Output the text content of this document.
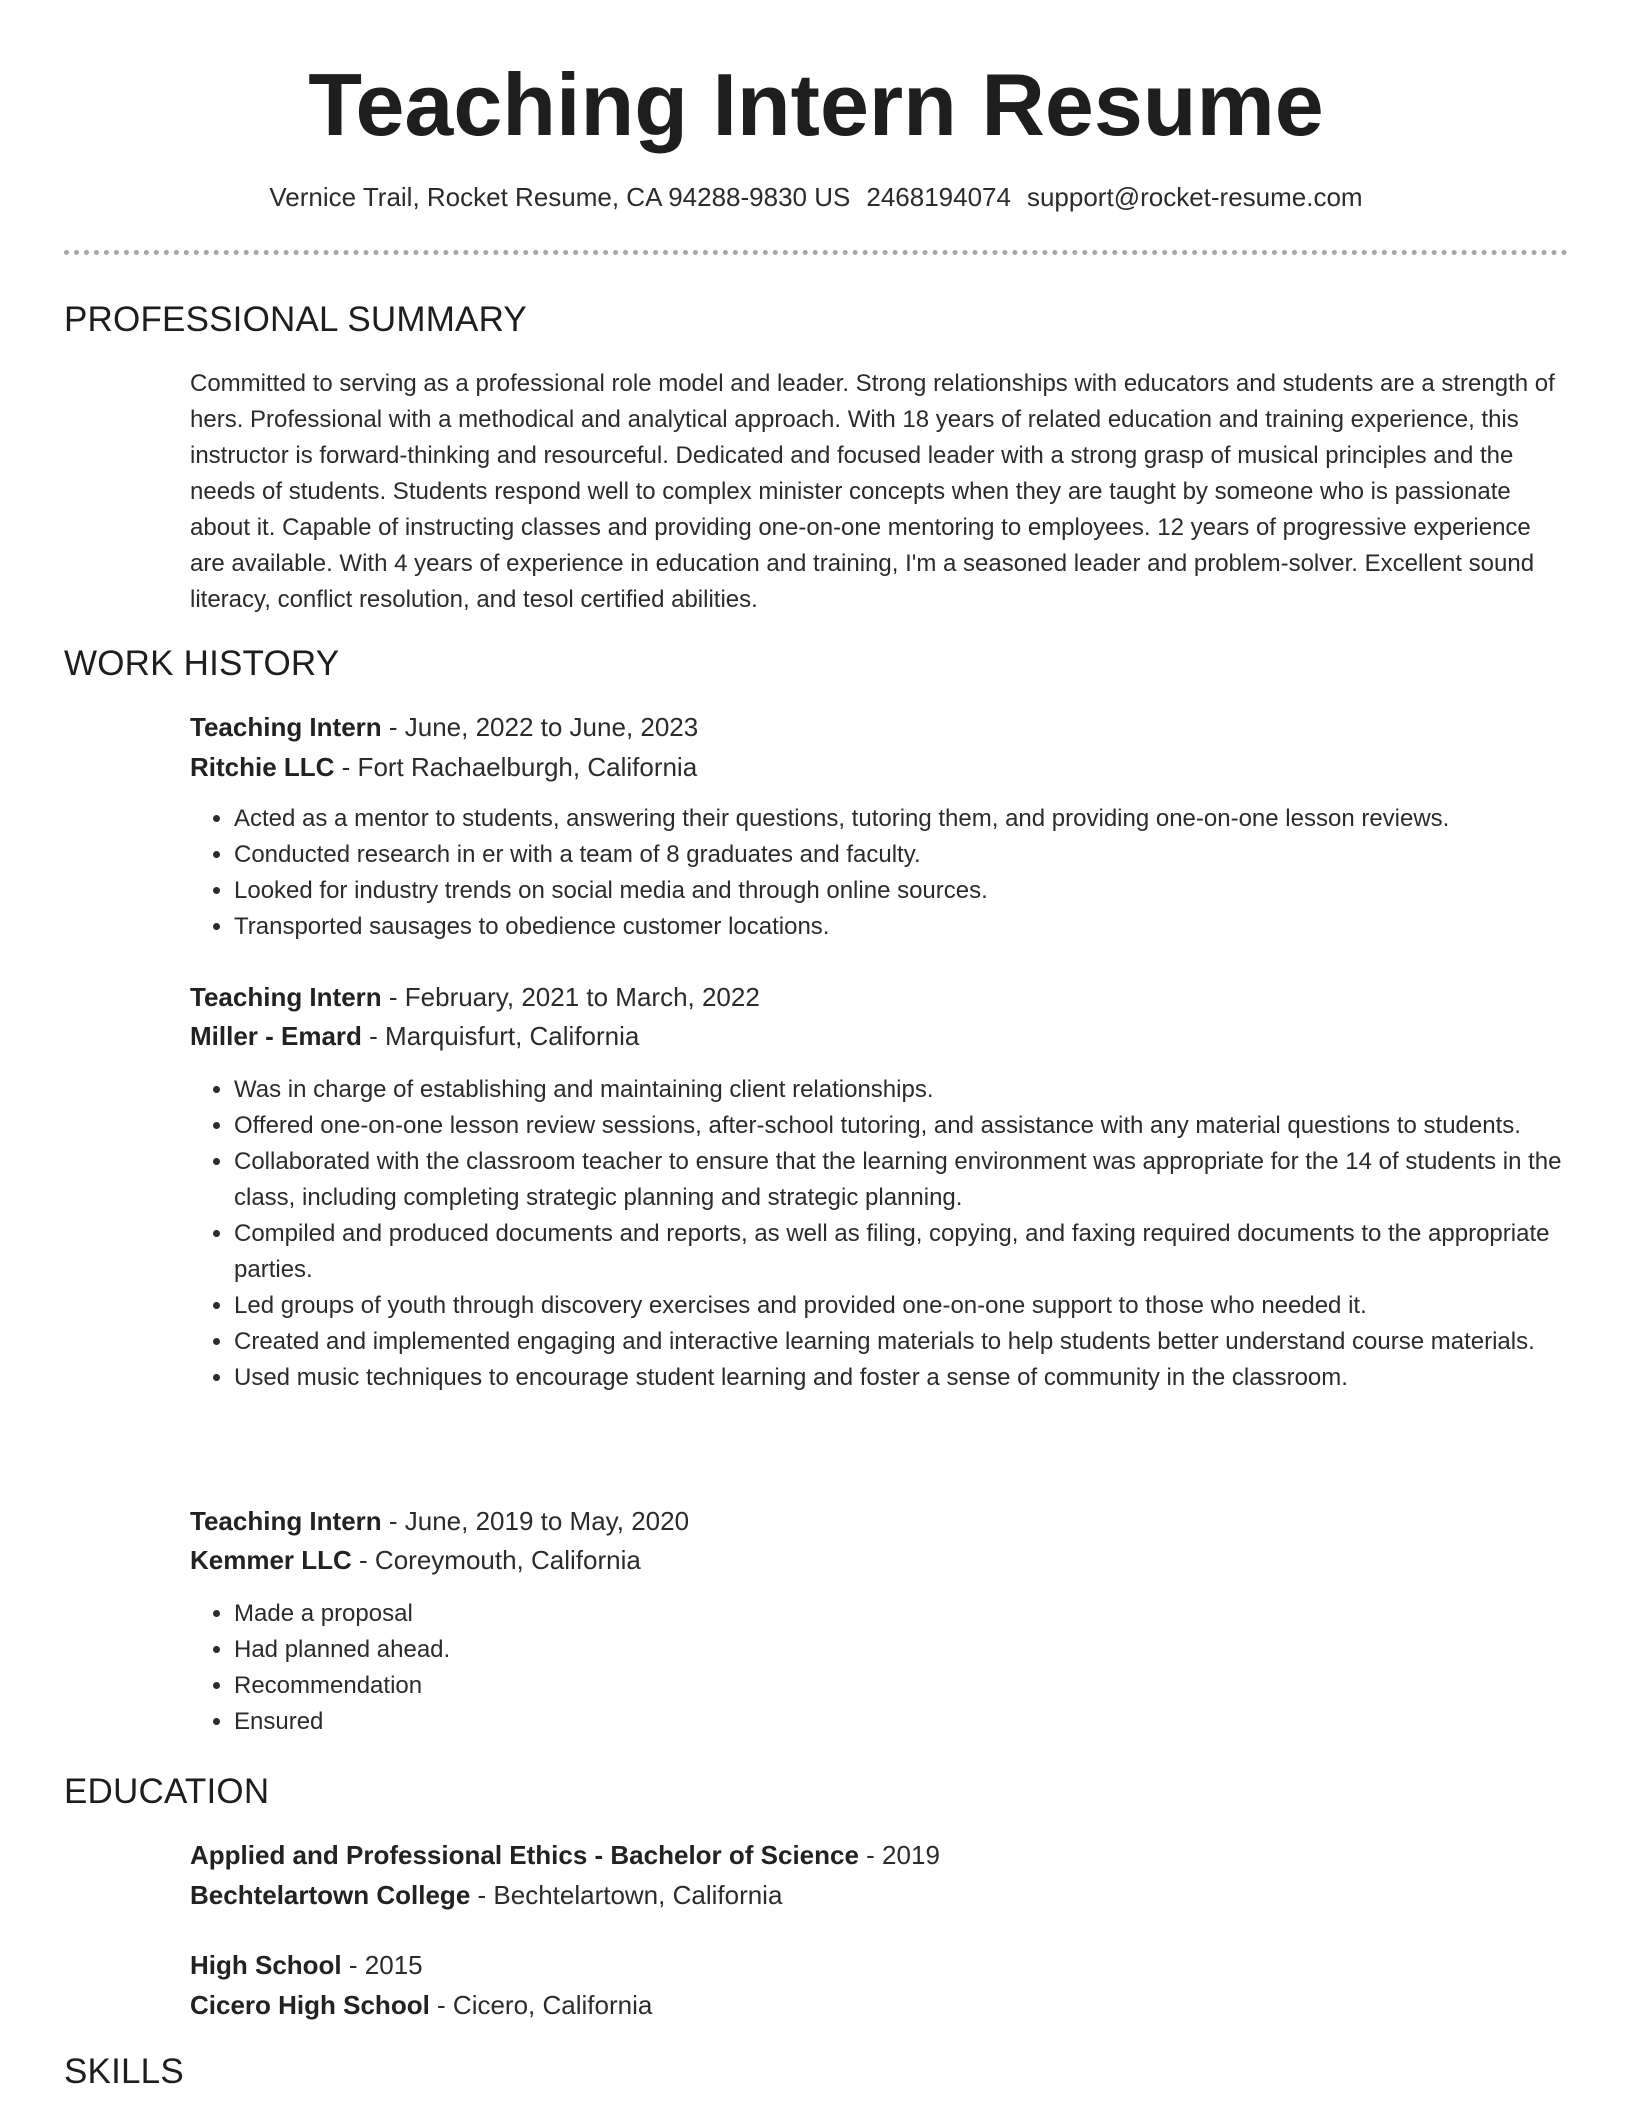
Teaching Intern Resume
Vernice Trail, Rocket Resume, CA 94288-9830 US 2468194074 support@rocket-resume.com
PROFESSIONAL SUMMARY
Committed to serving as a professional role model and leader. Strong relationships with educators and students are a strength of hers. Professional with a methodical and analytical approach. With 18 years of related education and training experience, this instructor is forward-thinking and resourceful. Dedicated and focused leader with a strong grasp of musical principles and the needs of students. Students respond well to complex minister concepts when they are taught by someone who is passionate about it. Capable of instructing classes and providing one-on-one mentoring to employees. 12 years of progressive experience are available. With 4 years of experience in education and training, I'm a seasoned leader and problem-solver. Excellent sound literacy, conflict resolution, and tesol certified abilities.
WORK HISTORY
Teaching Intern - June, 2022 to June, 2023
Ritchie LLC - Fort Rachaelburgh, California
• Acted as a mentor to students, answering their questions, tutoring them, and providing one-on-one lesson reviews.
• Conducted research in er with a team of 8 graduates and faculty.
• Looked for industry trends on social media and through online sources.
• Transported sausages to obedience customer locations.
Teaching Intern - February, 2021 to March, 2022
Miller - Emard - Marquisfurt, California
• Was in charge of establishing and maintaining client relationships.
• Offered one-on-one lesson review sessions, after-school tutoring, and assistance with any material questions to students.
• Collaborated with the classroom teacher to ensure that the learning environment was appropriate for the 14 of students in the class, including completing strategic planning and strategic planning.
• Compiled and produced documents and reports, as well as filing, copying, and faxing required documents to the appropriate parties.
• Led groups of youth through discovery exercises and provided one-on-one support to those who needed it.
• Created and implemented engaging and interactive learning materials to help students better understand course materials.
• Used music techniques to encourage student learning and foster a sense of community in the classroom.
Teaching Intern - June, 2019 to May, 2020
Kemmer LLC - Coreymouth, California
• Made a proposal
• Had planned ahead.
• Recommendation
• Ensured
EDUCATION
Applied and Professional Ethics - Bachelor of Science - 2019
Bechtelartown College - Bechtelartown, California
High School - 2015
Cicero High School - Cicero, California
SKILLS
